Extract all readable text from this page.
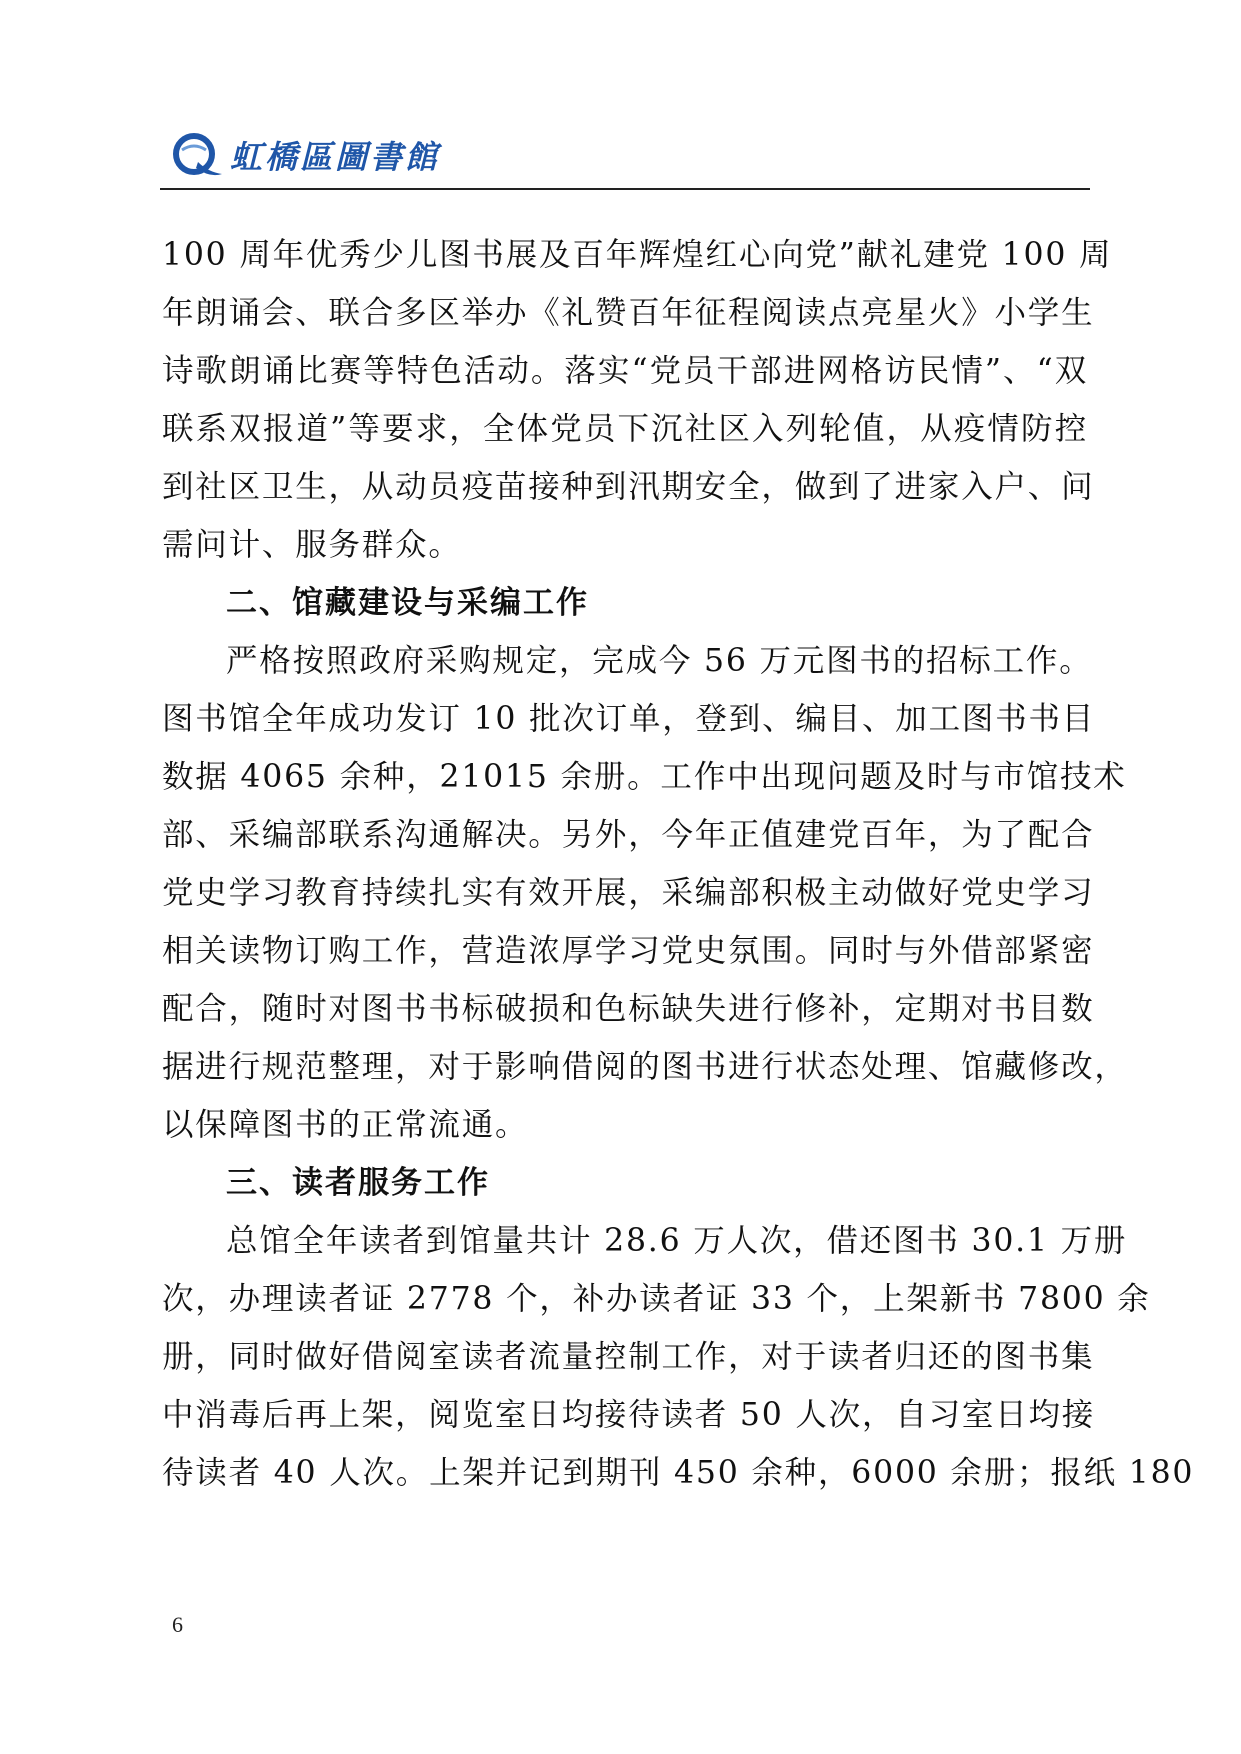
虹橋區圖書館
100 周年优秀少儿图书展及百年辉煌红心向党”献礼建党 100 周
年朗诵会、联合多区举办《礼赞百年征程阅读点亮星火》小学生
诗歌朗诵比赛等特色活动。落实“党员干部进网格访民情”、“双
联系双报道”等要求，全体党员下沉社区入列轮值，从疫情防控
到社区卫生，从动员疫苗接种到汛期安全，做到了进家入户、问
需问计、服务群众。
二、馆藏建设与采编工作
严格按照政府采购规定，完成今 56 万元图书的招标工作。
图书馆全年成功发订 10 批次订单，登到、编目、加工图书书目
数据 4065 余种，21015 余册。工作中出现问题及时与市馆技术
部、采编部联系沟通解决。另外，今年正值建党百年，为了配合
党史学习教育持续扎实有效开展，采编部积极主动做好党史学习
相关读物订购工作，营造浓厚学习党史氛围。同时与外借部紧密
配合，随时对图书书标破损和色标缺失进行修补，定期对书目数
据进行规范整理，对于影响借阅的图书进行状态处理、馆藏修改，
以保障图书的正常流通。
三、读者服务工作
总馆全年读者到馆量共计 28.6 万人次，借还图书 30.1 万册
次，办理读者证 2778 个，补办读者证 33 个，上架新书 7800 余
册，同时做好借阅室读者流量控制工作，对于读者归还的图书集
中消毒后再上架，阅览室日均接待读者 50 人次，自习室日均接
待读者 40 人次。上架并记到期刊 450 余种，6000 余册；报纸 180
6
